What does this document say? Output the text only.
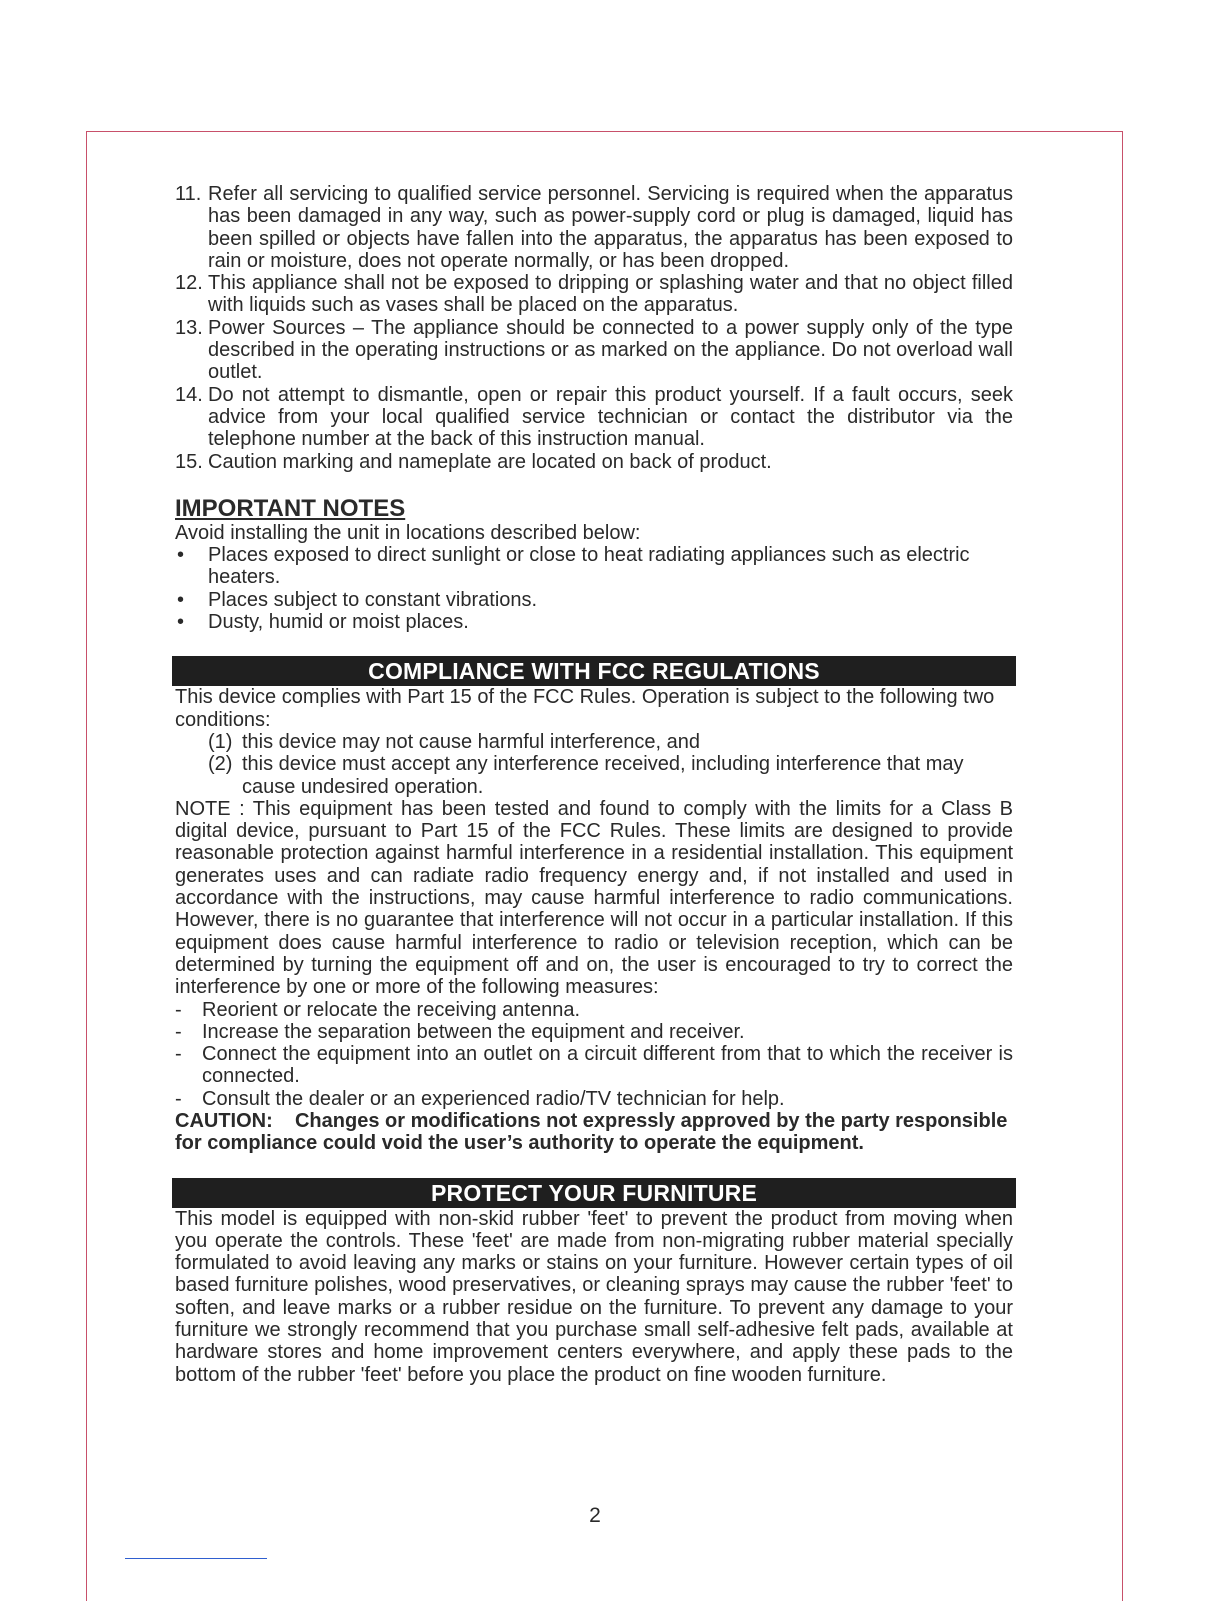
11. Refer all servicing to qualified service personnel. Servicing is required when the apparatus has been damaged in any way, such as power-supply cord or plug is damaged, liquid has been spilled or objects have fallen into the apparatus, the apparatus has been exposed to rain or moisture, does not operate normally, or has been dropped.
12. This appliance shall not be exposed to dripping or splashing water and that no object filled with liquids such as vases shall be placed on the apparatus.
13. Power Sources – The appliance should be connected to a power supply only of the type described in the operating instructions or as marked on the appliance. Do not overload wall outlet.
14. Do not attempt to dismantle, open or repair this product yourself. If a fault occurs, seek advice from your local qualified service technician or contact the distributor via the telephone number at the back of this instruction manual.
15. Caution marking and nameplate are located on back of product.
IMPORTANT NOTES
Avoid installing the unit in locations described below:
• Places exposed to direct sunlight or close to heat radiating appliances such as electric heaters.
• Places subject to constant vibrations.
• Dusty, humid or moist places.
COMPLIANCE WITH FCC REGULATIONS
This device complies with Part 15 of the FCC Rules. Operation is subject to the following two conditions:
(1) this device may not cause harmful interference, and
(2) this device must accept any interference received, including interference that may cause undesired operation.
NOTE : This equipment has been tested and found to comply with the limits for a Class B digital device, pursuant to Part 15 of the FCC Rules. These limits are designed to provide reasonable protection against harmful interference in a residential installation. This equipment generates uses and can radiate radio frequency energy and, if not installed and used in accordance with the instructions, may cause harmful interference to radio communications. However, there is no guarantee that interference will not occur in a particular installation. If this equipment does cause harmful interference to radio or television reception, which can be determined by turning the equipment off and on, the user is encouraged to try to correct the interference by one or more of the following measures:
- Reorient or relocate the receiving antenna.
- Increase the separation between the equipment and receiver.
- Connect the equipment into an outlet on a circuit different from that to which the receiver is connected.
- Consult the dealer or an experienced radio/TV technician for help.
CAUTION:    Changes or modifications not expressly approved by the party responsible for compliance could void the user’s authority to operate the equipment.
PROTECT YOUR FURNITURE
This model is equipped with non-skid rubber 'feet' to prevent the product from moving when you operate the controls. These 'feet' are made from non-migrating rubber material specially formulated to avoid leaving any marks or stains on your furniture. However certain types of oil based furniture polishes, wood preservatives, or cleaning sprays may cause the rubber 'feet' to soften, and leave marks or a rubber residue on the furniture. To prevent any damage to your furniture we strongly recommend that you purchase small self-adhesive felt pads, available at hardware stores and home improvement centers everywhere, and apply these pads to the bottom of the rubber 'feet' before you place the product on fine wooden furniture.
2
